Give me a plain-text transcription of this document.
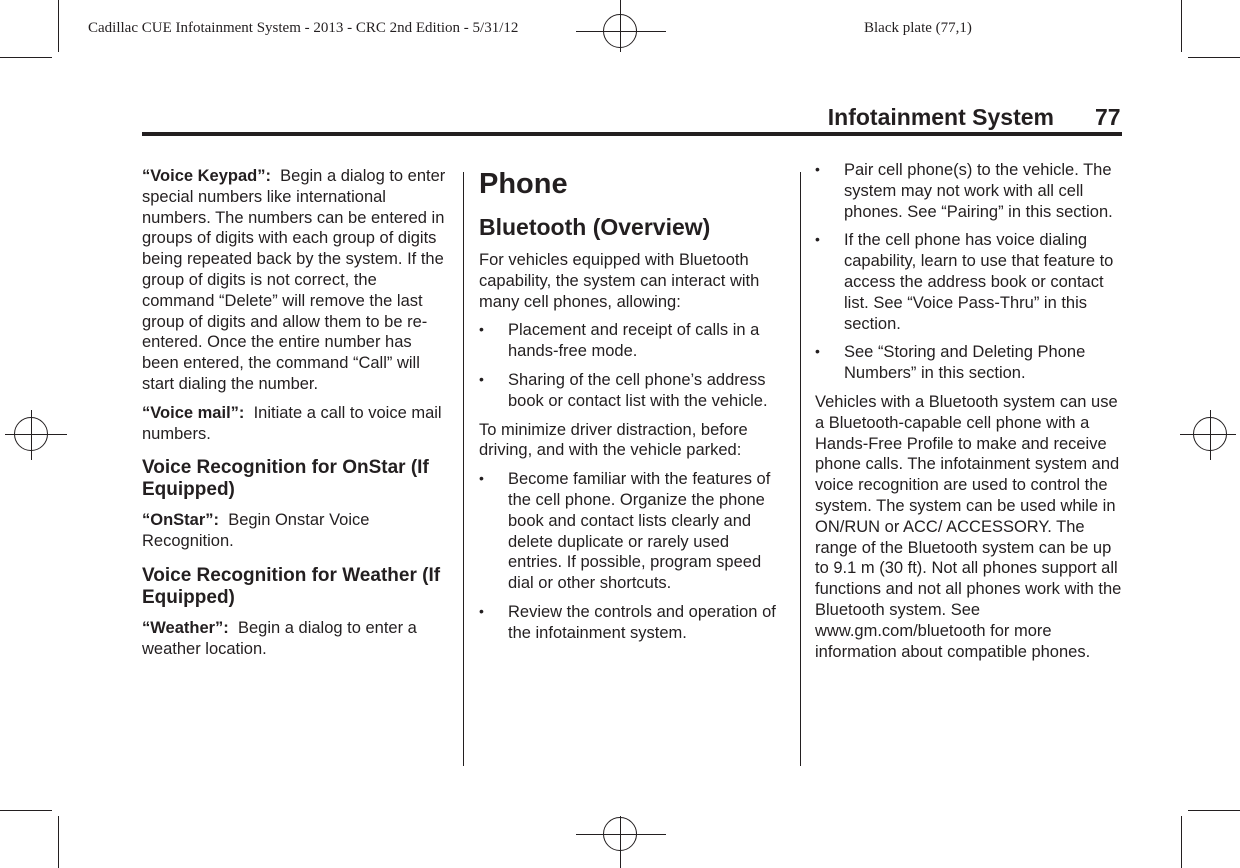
Cadillac CUE Infotainment System - 2013 - CRC 2nd Edition - 5/31/12	Black plate (77,1)
Infotainment System 77

“Voice Keypad”: Begin a dialog to enter special numbers like international numbers. The numbers can be entered in groups of digits with each group of digits being repeated back by the system. If the group of digits is not correct, the command “Delete” will remove the last group of digits and allow them to be re-entered. Once the entire number has been entered, the command “Call” will start dialing the number.

“Voice mail”: Initiate a call to voice mail numbers.

Voice Recognition for OnStar (If Equipped)

“OnStar”: Begin Onstar Voice Recognition.

Voice Recognition for Weather (If Equipped)

“Weather”: Begin a dialog to enter a weather location.

Phone
Bluetooth (Overview)

For vehicles equipped with Bluetooth capability, the system can interact with many cell phones, allowing:

• Placement and receipt of calls in a hands-free mode.
• Sharing of the cell phone’s address book or contact list with the vehicle.

To minimize driver distraction, before driving, and with the vehicle parked:

• Become familiar with the features of the cell phone. Organize the phone book and contact lists clearly and delete duplicate or rarely used entries. If possible, program speed dial or other shortcuts.
• Review the controls and operation of the infotainment system.
• Pair cell phone(s) to the vehicle. The system may not work with all cell phones. See “Pairing” in this section.
• If the cell phone has voice dialing capability, learn to use that feature to access the address book or contact list. See “Voice Pass-Thru” in this section.
• See “Storing and Deleting Phone Numbers” in this section.

Vehicles with a Bluetooth system can use a Bluetooth-capable cell phone with a Hands-Free Profile to make and receive phone calls. The infotainment system and voice recognition are used to control the system. The system can be used while in ON/RUN or ACC/ ACCESSORY. The range of the Bluetooth system can be up to 9.1 m (30 ft). Not all phones support all functions and not all phones work with the Bluetooth system. See www.gm.com/bluetooth for more information about compatible phones.
